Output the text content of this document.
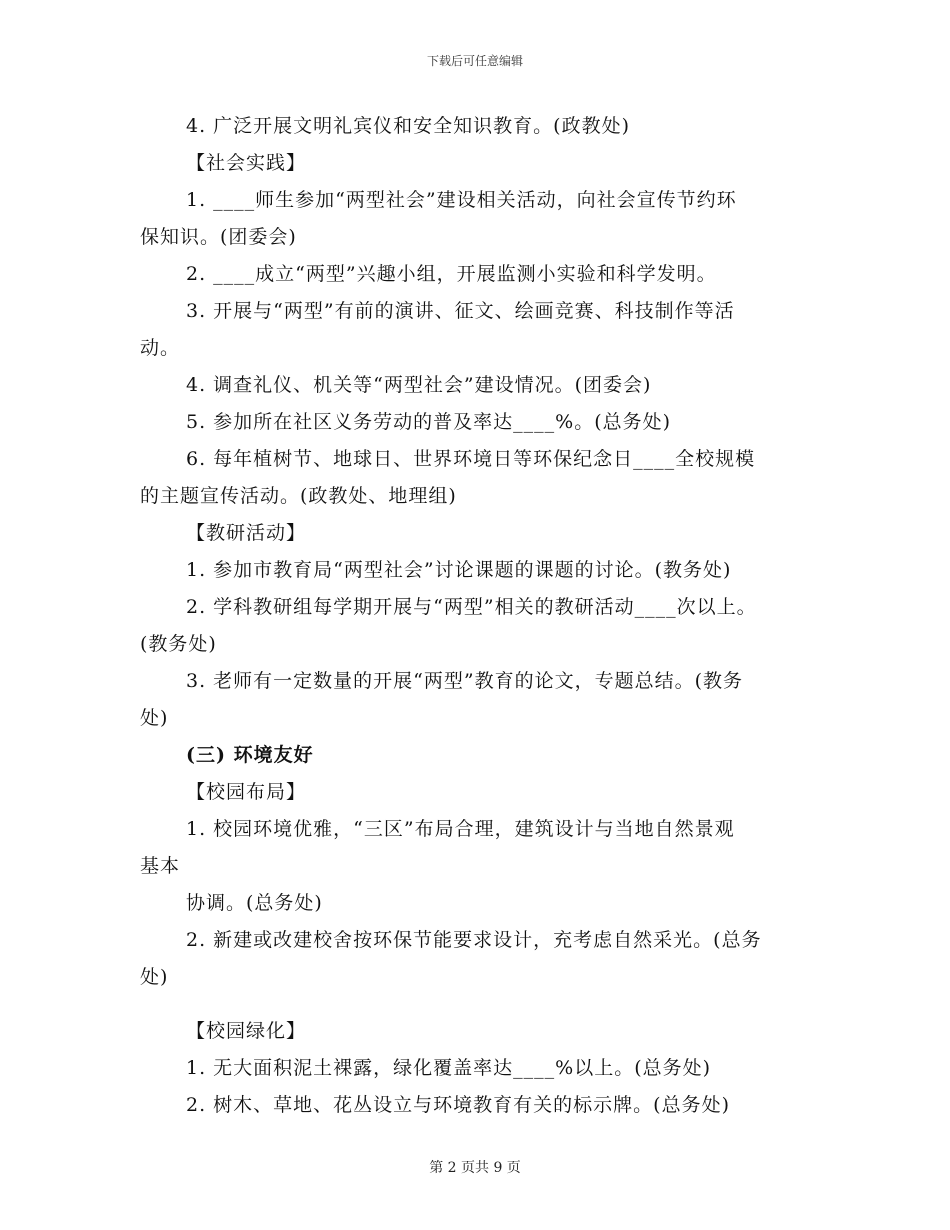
下载后可任意编辑
4. 广泛开展文明礼宾仪和安全知识教育。(政教处)
【社会实践】
1. ____师生参加“两型社会”建设相关活动，向社会宣传节约环
保知识。(团委会)
2. ____成立“两型”兴趣小组，开展监测小实验和科学发明。
3. 开展与“两型”有前的演讲、征文、绘画竞赛、科技制作等活
动。
4. 调查礼仪、机关等“两型社会”建设情况。(团委会)
5. 参加所在社区义务劳动的普及率达____%。(总务处)
6. 每年植树节、地球日、世界环境日等环保纪念日____全校规模
的主题宣传活动。(政教处、地理组)
【教研活动】
1. 参加市教育局“两型社会”讨论课题的课题的讨论。(教务处)
2. 学科教研组每学期开展与“两型”相关的教研活动____次以上。
(教务处)
3. 老师有一定数量的开展“两型”教育的论文，专题总结。(教务
处)
(三) 环境友好
【校园布局】
1. 校园环境优雅，“三区”布局合理，建筑设计与当地自然景观
基本
协调。(总务处)
2. 新建或改建校舍按环保节能要求设计，充考虑自然采光。(总务
处)
【校园绿化】
1. 无大面积泥土裸露，绿化覆盖率达____%以上。(总务处)
2. 树木、草地、花丛设立与环境教育有关的标示牌。(总务处)
第 2 页共 9 页
